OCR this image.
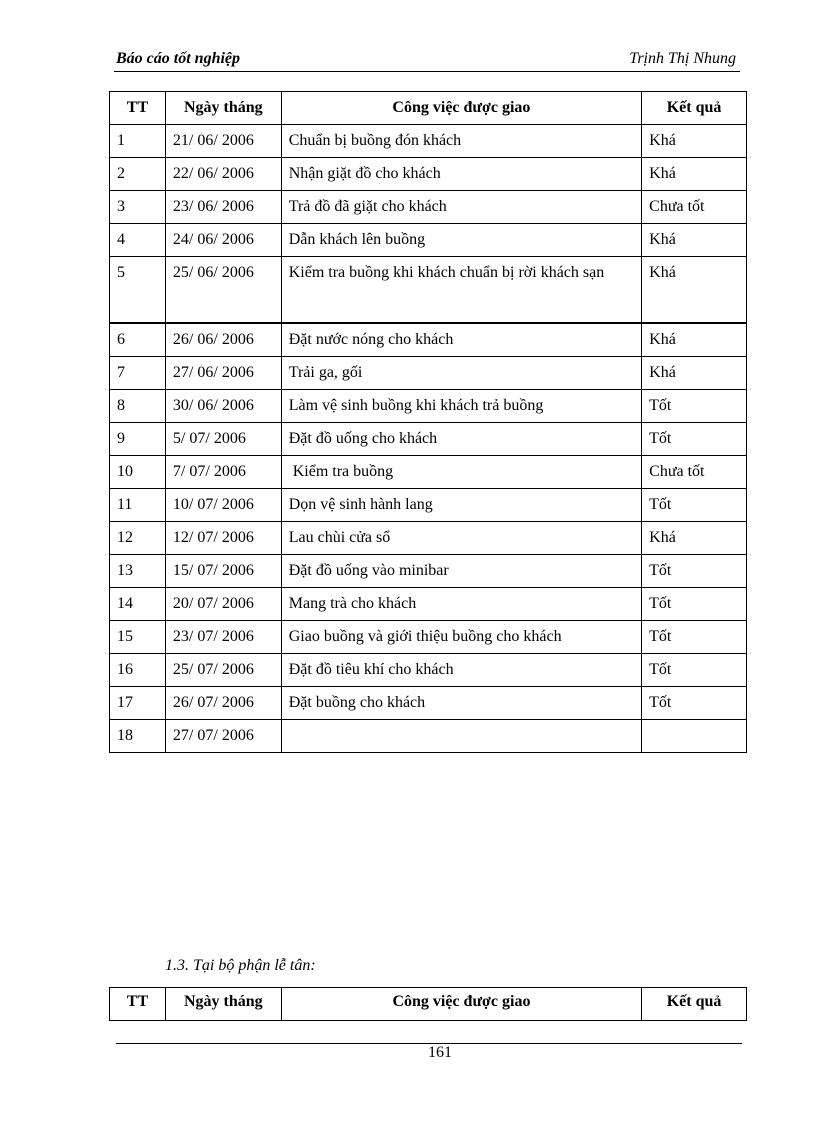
Báo cáo tốt nghiệp	Trịnh Thị Nhung
TT	Ngày tháng	Công việc được giao	Kết quả
1	21/ 06/ 2006	Chuẩn bị buồng đón khách	Khá
2	22/ 06/ 2006	Nhận giặt đồ cho khách	Khá
3	23/ 06/ 2006	Trả đồ đã giặt cho khách	Chưa tốt
4	24/ 06/ 2006	Dẫn khách lên buồng	Khá
5	25/ 06/ 2006	Kiểm tra buồng khi khách chuẩn bị rời khách sạn	Khá
6	26/ 06/ 2006	Đặt nước nóng cho khách	Khá
7	27/ 06/ 2006	Trải ga, gối	Khá
8	30/ 06/ 2006	Làm vệ sinh buồng khi khách trả buồng	Tốt
9	5/ 07/ 2006	Đặt đồ uống cho khách	Tốt
10	7/ 07/ 2006	Kiểm tra buồng	Chưa tốt
11	10/ 07/ 2006	Dọn vệ sinh hành lang	Tốt
12	12/ 07/ 2006	Lau chùi cửa sổ	Khá
13	15/ 07/ 2006	Đặt đồ uống vào minibar	Tốt
14	20/ 07/ 2006	Mang trà cho khách	Tốt
15	23/ 07/ 2006	Giao buồng và giới thiệu buồng cho khách	Tốt
16	25/ 07/ 2006	Đặt đồ tiêu khí cho khách	Tốt
17	26/ 07/ 2006	Đặt buồng cho khách	Tốt
18	27/ 07/ 2006		
1.3. Tại bộ phận lễ tân:
TT	Ngày tháng	Công việc được giao	Kết quả
161
